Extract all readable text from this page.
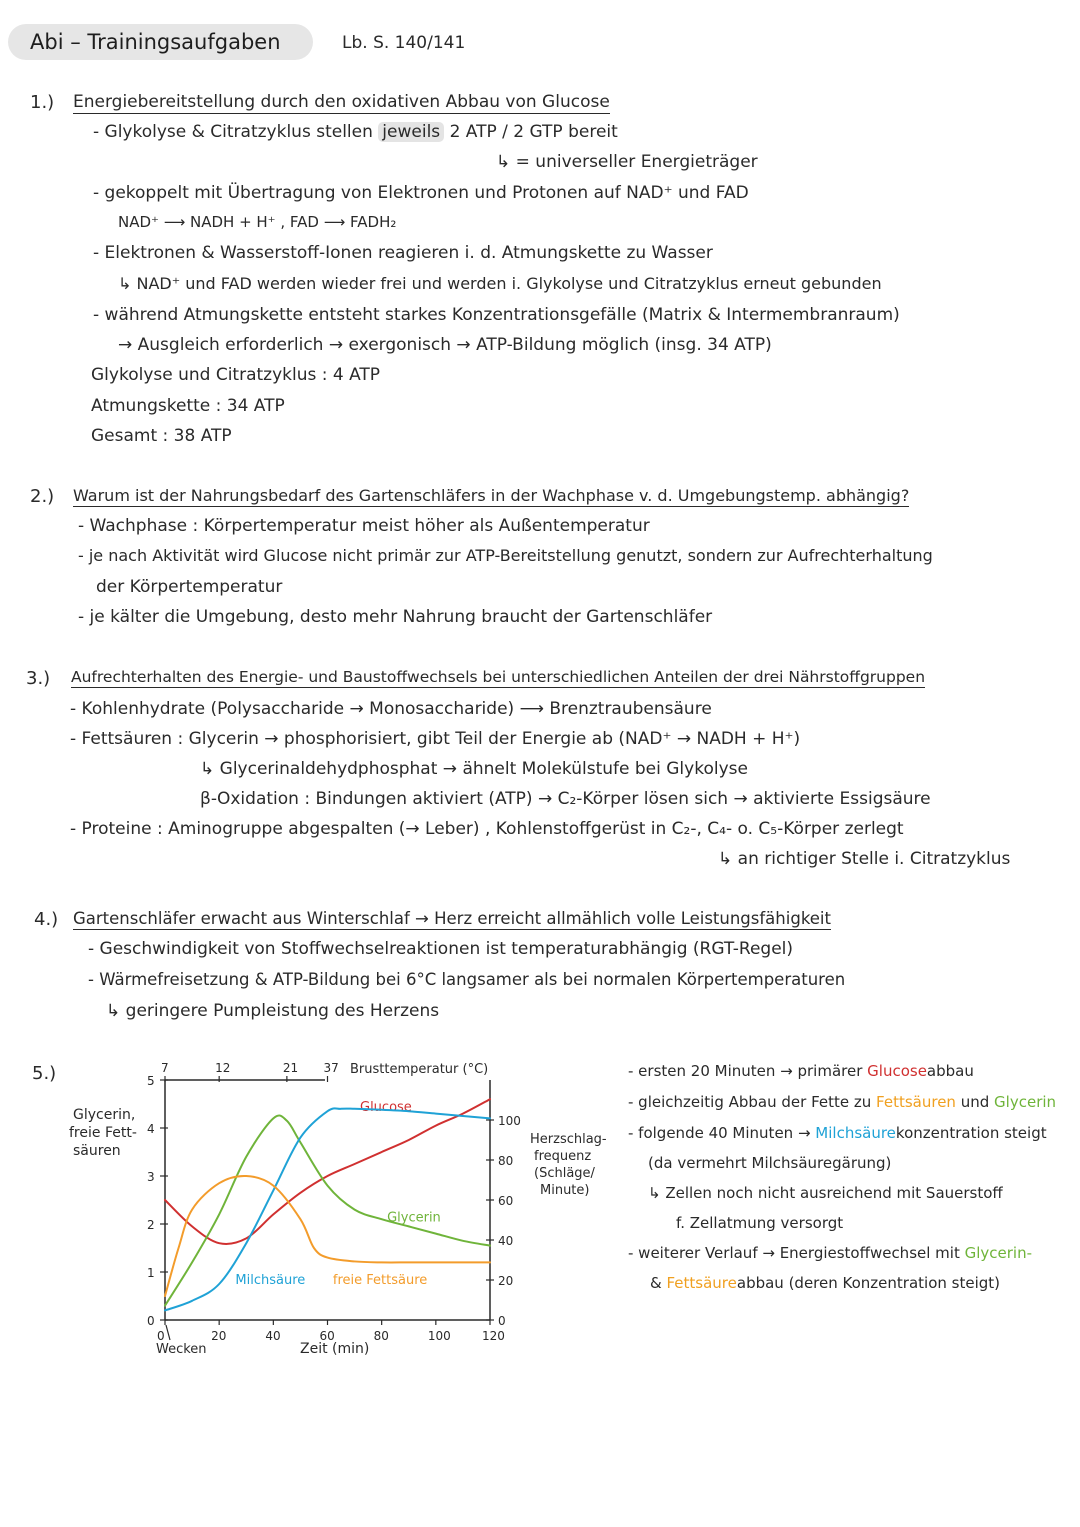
Abi – Trainingsaufgaben	Lb. S. 140/141
1.) Energiebereitstellung durch den oxidativen Abbau von Glucose
- Glykolyse & Citratzyklus stellen jeweils 2 ATP / 2 GTP bereit
↳ = universeller Energieträger
- gekoppelt mit Übertragung von Elektronen und Protonen auf NAD⁺ und FAD
NAD⁺ ⟶ NADH + H⁺ , FAD ⟶ FADH₂
- Elektronen & Wasserstoff-Ionen reagieren i. d. Atmungskette zu Wasser
↳ NAD⁺ und FAD werden wieder frei und werden i. Glykolyse und Citratzyklus erneut gebunden
- während Atmungskette entsteht starkes Konzentrationsgefälle (Matrix & Intermembranraum)
→ Ausgleich erforderlich → exergonisch → ATP-Bildung möglich (insg. 34 ATP)
Glykolyse und Citratzyklus : 4 ATP
Atmungskette : 34 ATP
Gesamt : 38 ATP
2.) Warum ist der Nahrungsbedarf des Gartenschläfers in der Wachphase v. d. Umgebungstemp. abhängig?
- Wachphase : Körpertemperatur meist höher als Außentemperatur
- je nach Aktivität wird Glucose nicht primär zur ATP-Bereitstellung genutzt, sondern zur Aufrechterhaltung
der Körpertemperatur
- je kälter die Umgebung, desto mehr Nahrung braucht der Gartenschläfer
3.) Aufrechterhalten des Energie- und Baustoffwechsels bei unterschiedlichen Anteilen der drei Nährstoffgruppen
- Kohlenhydrate (Polysaccharide → Monosaccharide) ⟶ Brenztraubensäure
- Fettsäuren : Glycerin → phosphorisiert, gibt Teil der Energie ab (NAD⁺ → NADH + H⁺)
↳ Glycerinaldehydphosphat → ähnelt Molekülstufe bei Glykolyse
β-Oxidation : Bindungen aktiviert (ATP) → C₂-Körper lösen sich → aktivierte Essigsäure
- Proteine : Aminogruppe abgespalten (→ Leber) , Kohlenstoffgerüst in C₂-, C₄- o. C₅-Körper zerlegt
↳ an richtiger Stelle i. Citratzyklus
4.) Gartenschläfer erwacht aus Winterschlaf → Herz erreicht allmählich volle Leistungsfähigkeit
- Geschwindigkeit von Stoffwechselreaktionen ist temperaturabhängig (RGT-Regel)
- Wärmefreisetzung & ATP-Bildung bei 6°C langsamer als bei normalen Körpertemperaturen
↳ geringere Pumpleistung des Herzens
5.)	- ersten 20 Minuten → primärer Glucoseabbau
- gleichzeitig Abbau der Fette zu Fettsäuren und Glycerin
- folgende 40 Minuten → Milchsäurekonzentration steigt
(da vermehrt Milchsäuregärung)
↳ Zellen noch nicht ausreichend mit Sauerstoff
f. Zellatmung versorgt
- weiterer Verlauf → Energiestoffwechsel mit Glycerin-
& Fettsäureabbau (deren Konzentration steigt)
0	20	40	60	80	100	120
0
1
2
3
4
5
0
20
40
60
80
100
7	12	21 37
Glucose
Glycerin
Milchsäure freie Fettsäure
Brusttemperatur (°C)
Glycerin,
freie Fett-
säuren
Herzschlag-
frequenz
(Schläge/
Minute)
Zeit (min)
Wecken
